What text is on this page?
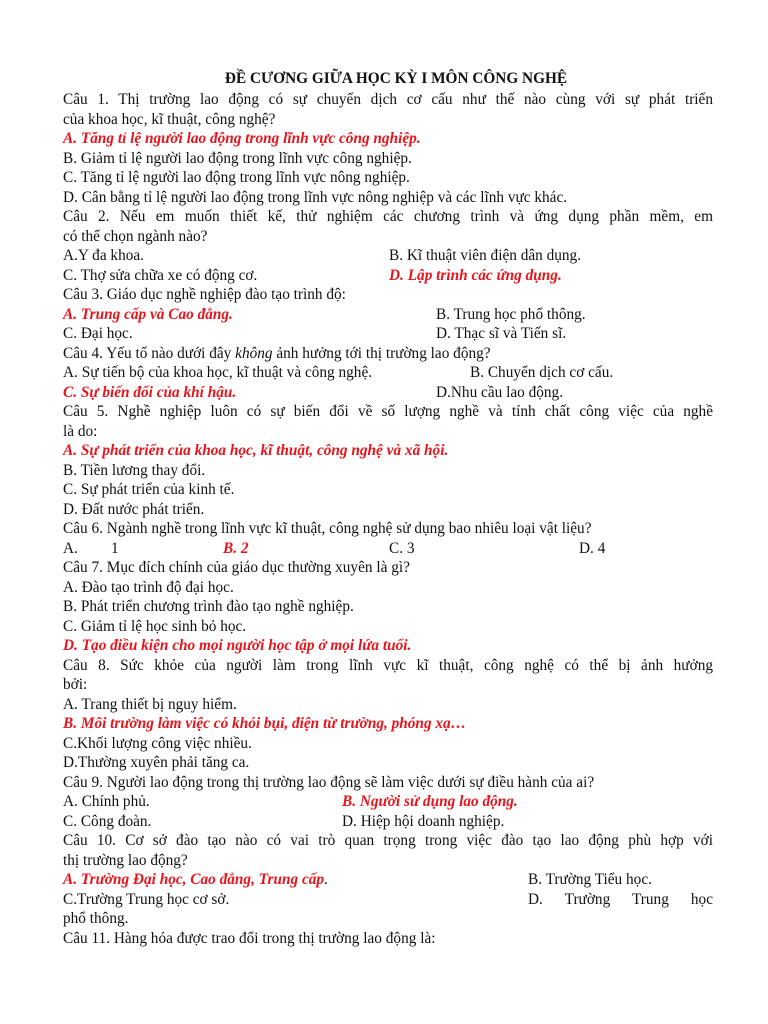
ĐỀ CƯƠNG GIỮA HỌC KỲ I MÔN CÔNG NGHỆ
Câu 1. Thị trường lao động có sự chuyển dịch cơ cấu như thế nào cùng với sự phát triển
của khoa học, kĩ thuật, công nghệ?
A. Tăng tỉ lệ người lao động trong lĩnh vực công nghiệp.
B. Giảm tỉ lệ người lao động trong lĩnh vực công nghiệp.
C. Tăng tỉ lệ người lao động trong lĩnh vực nông nghiệp.
D. Cân bằng tỉ lệ người lao động trong lĩnh vực nông nghiệp và các lĩnh vực khác.
Câu 2. Nếu em muốn thiết kế, thử nghiệm các chương trình và ứng dụng phần mềm, em
có thể chọn ngành nào?
A.Y đa khoa.	B. Kĩ thuật viên điện dân dụng.
C. Thợ sửa chữa xe có động cơ.	D. Lập trình các ứng dụng.
Câu 3. Giáo dục nghề nghiệp đào tạo trình độ:
A. Trung cấp và Cao đẳng.	B. Trung học phổ thông.
C. Đại học.	D. Thạc sĩ và Tiến sĩ.
Câu 4. Yếu tố nào dưới đây không ảnh hưởng tới thị trường lao động?
A. Sự tiến bộ của khoa học, kĩ thuật và công nghệ.	B. Chuyển dịch cơ cấu.
C. Sự biến đổi của khí hậu.	D.Nhu cầu lao động.
Câu 5. Nghề nghiệp luôn có sự biến đổi về số lượng nghề và tính chất công việc của nghề
là do:
A. Sự phát triển của khoa học, kĩ thuật, công nghệ và xã hội.
B. Tiền lương thay đổi.
C. Sự phát triển của kinh tế.
D. Đất nước phát triển.
Câu 6. Ngành nghề trong lĩnh vực kĩ thuật, công nghệ sử dụng bao nhiêu loại vật liệu?
A. 1	B. 2	C. 3	D. 4
Câu 7. Mục đích chính của giáo dục thường xuyên là gì?
A. Đào tạo trình độ đại học.
B. Phát triển chương trình đào tạo nghề nghiệp.
C. Giảm tỉ lệ học sinh bỏ học.
D. Tạo điều kiện cho mọi người học tập ở mọi lứa tuổi.
Câu 8. Sức khỏe của người làm trong lĩnh vực kĩ thuật, công nghệ có thể bị ảnh hưởng
bởi:
A. Trang thiết bị nguy hiểm.
B. Môi trường làm việc có khói bụi, điện từ trường, phóng xạ…
C.Khối lượng công việc nhiều.
D.Thường xuyên phải tăng ca.
Câu 9. Người lao động trong thị trường lao động sẽ làm việc dưới sự điều hành của ai?
A. Chính phủ.	B. Người sử dụng lao động.
C. Công đoàn.	D. Hiệp hội doanh nghiệp.
Câu 10. Cơ sở đào tạo nào có vai trò quan trọng trong việc đào tạo lao động phù hợp với
thị trường lao động?
A. Trường Đại học, Cao đẳng, Trung cấp.	B. Trường Tiểu học.
C.Trường Trung học cơ sở.	D. Trường Trung học
phổ thông.
Câu 11. Hàng hóa được trao đổi trong thị trường lao động là:
